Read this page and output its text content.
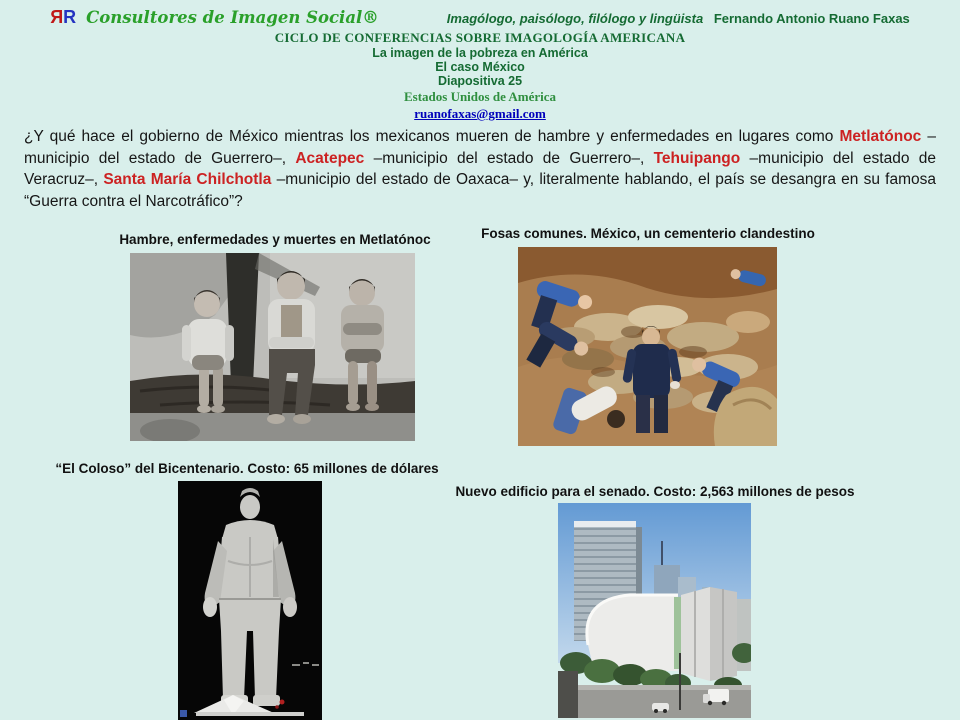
ЯR Consultores de Imagen Social®	Imagólogo, paisólogo, filólogo y lingüista Fernando Antonio Ruano Faxas
CICLO DE CONFERENCIAS SOBRE IMAGOLOGÍA AMERICANA
La imagen de la pobreza en América
El caso México
Diapositiva 25
Estados Unidos de América
ruanofaxas@gmail.com

¿Y qué hace el gobierno de México mientras los mexicanos mueren de hambre y enfermedades en lugares como Metlatónoc –municipio del estado de Guerrero–, Acatepec –municipio del estado de Guerrero–, Tehuipango –municipio del estado de Veracruz–, Santa María Chilchotla –municipio del estado de Oaxaca– y, literalmente hablando, el país se desangra en su famosa “Guerra contra el Narcotráfico”?

Hambre, enfermedades y muertes en Metlatónoc	Fosas comunes. México, un cementerio clandestino
“El Coloso” del Bicentenario. Costo: 65 millones de dólares
Nuevo edificio para el senado. Costo: 2,563 millones de pesos
